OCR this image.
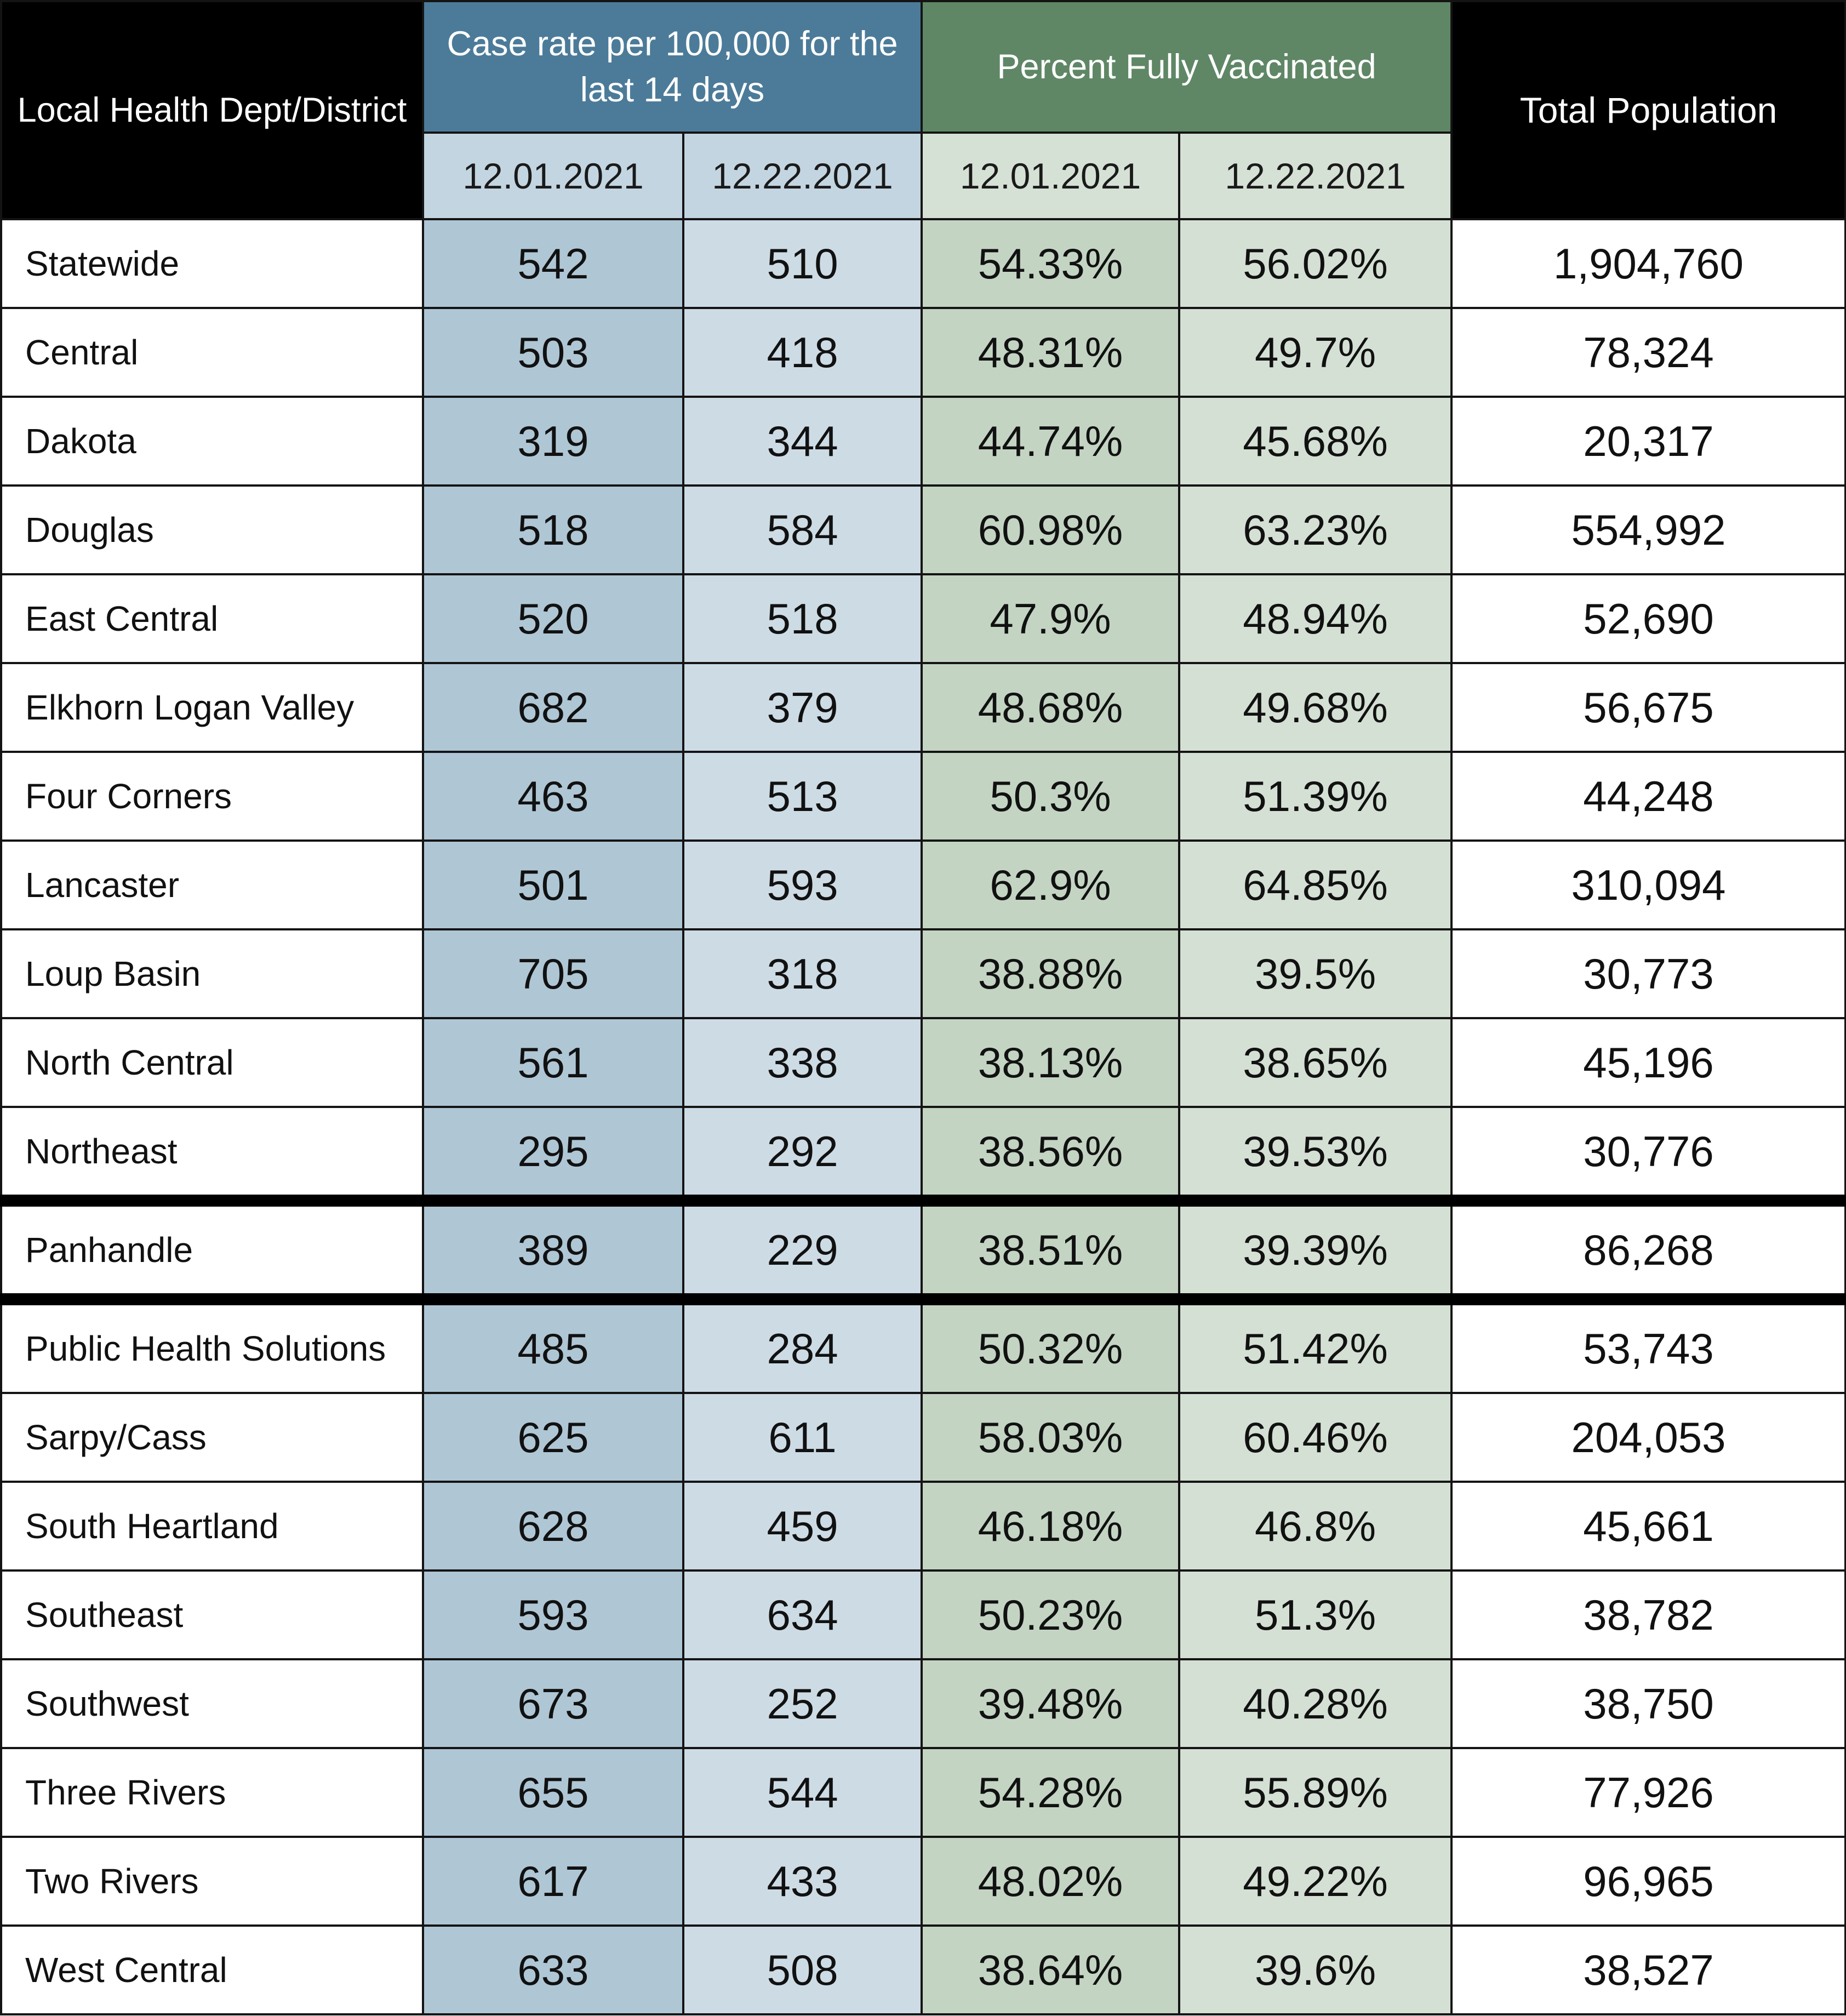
Local Health Dept/District	Case rate per 100,000 for the last 14 days		Percent Fully Vaccinated		Total Population

	12.01.2021	12.22.2021	12.01.2021	12.22.2021	
Statewide	542	510	54.33%	56.02%	1,904,760
Central	503	418	48.31%	49.7%	78,324
Dakota	319	344	44.74%	45.68%	20,317
Douglas	518	584	60.98%	63.23%	554,992
East Central	520	518	47.9%	48.94%	52,690
Elkhorn Logan Valley	682	379	48.68%	49.68%	56,675
Four Corners	463	513	50.3%	51.39%	44,248
Lancaster	501	593	62.9%	64.85%	310,094
Loup Basin	705	318	38.88%	39.5%	30,773
North Central	561	338	38.13%	38.65%	45,196
Northeast	295	292	38.56%	39.53%	30,776
Panhandle	389	229	38.51%	39.39%	86,268
Public Health Solutions	485	284	50.32%	51.42%	53,743
Sarpy/Cass	625	611	58.03%	60.46%	204,053
South Heartland	628	459	46.18%	46.8%	45,661
Southeast	593	634	50.23%	51.3%	38,782
Southwest	673	252	39.48%	40.28%	38,750
Three Rivers	655	544	54.28%	55.89%	77,926
Two Rivers	617	433	48.02%	49.22%	96,965
West Central	633	508	38.64%	39.6%	38,527
